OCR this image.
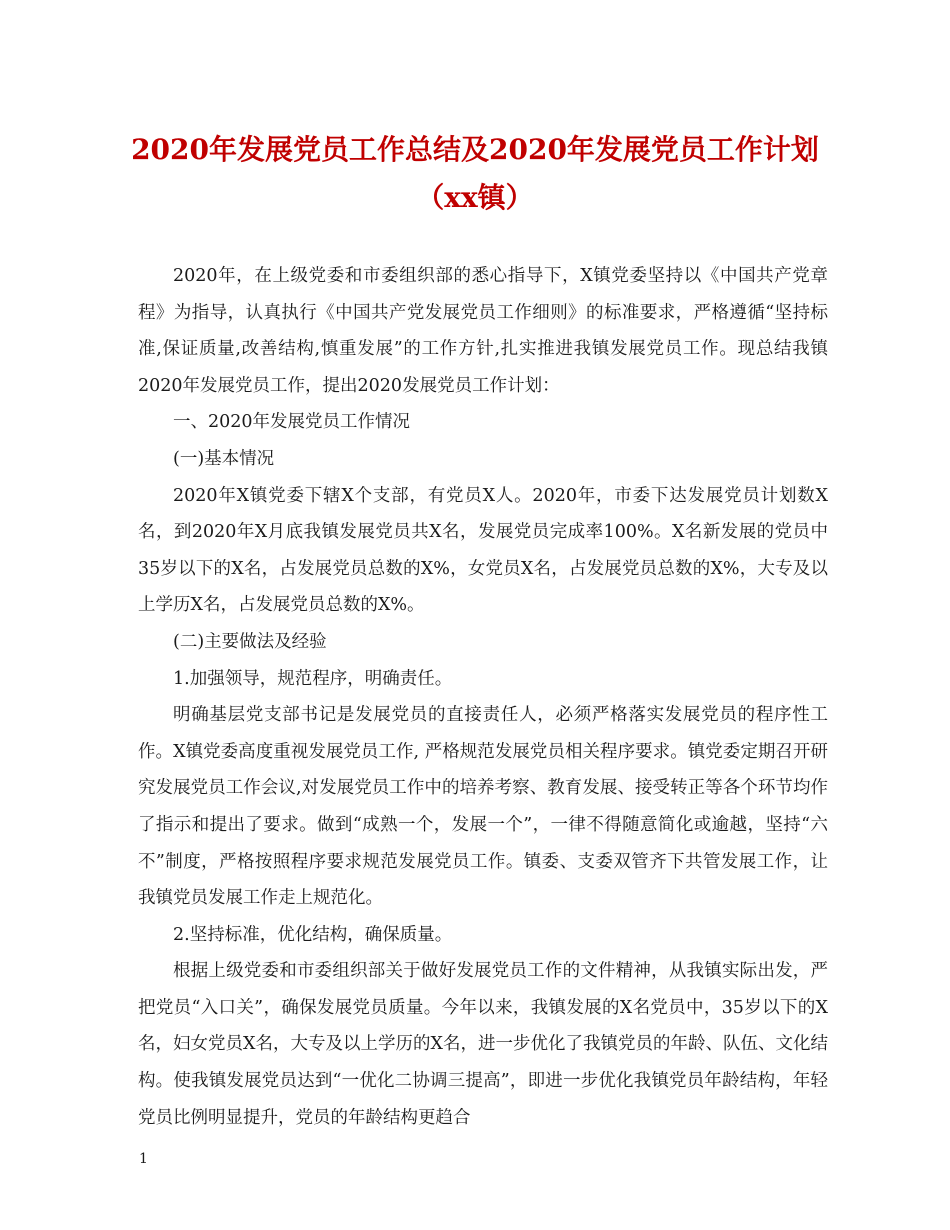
2020年发展党员工作总结及2020年发展党员工作计划
（xx镇）

2020年，在上级党委和市委组织部的悉心指导下，X镇党委坚持以《中国共产党章程》为指导，认真执行《中国共产党发展党员工作细则》的标准要求，严格遵循“坚持标准,保证质量,改善结构,慎重发展”的工作方针,扎实推进我镇发展党员工作。现总结我镇2020年发展党员工作，提出2020发展党员工作计划：

一、2020年发展党员工作情况

(一)基本情况

2020年X镇党委下辖X个支部，有党员X人。2020年，市委下达发展党员计划数X名，到2020年X月底我镇发展党员共X名，发展党员完成率100%。X名新发展的党员中35岁以下的X名，占发展党员总数的X%，女党员X名，占发展党员总数的X%，大专及以上学历X名，占发展党员总数的X%。

(二)主要做法及经验

1.加强领导，规范程序，明确责任。

明确基层党支部书记是发展党员的直接责任人，必须严格落实发展党员的程序性工作。X镇党委高度重视发展党员工作, 严格规范发展党员相关程序要求。镇党委定期召开研究发展党员工作会议,对发展党员工作中的培养考察、教育发展、接受转正等各个环节均作了指示和提出了要求。做到“成熟一个，发展一个”，一律不得随意简化或逾越，坚持“六不”制度，严格按照程序要求规范发展党员工作。镇委、支委双管齐下共管发展工作，让我镇党员发展工作走上规范化。

2.坚持标准，优化结构，确保质量。

根据上级党委和市委组织部关于做好发展党员工作的文件精神，从我镇实际出发，严把党员“入口关”，确保发展党员质量。今年以来，我镇发展的X名党员中，35岁以下的X名，妇女党员X名，大专及以上学历的X名，进一步优化了我镇党员的年龄、队伍、文化结构。使我镇发展党员达到“一优化二协调三提高”，即进一步优化我镇党员年龄结构，年轻党员比例明显提升，党员的年龄结构更趋合

1
